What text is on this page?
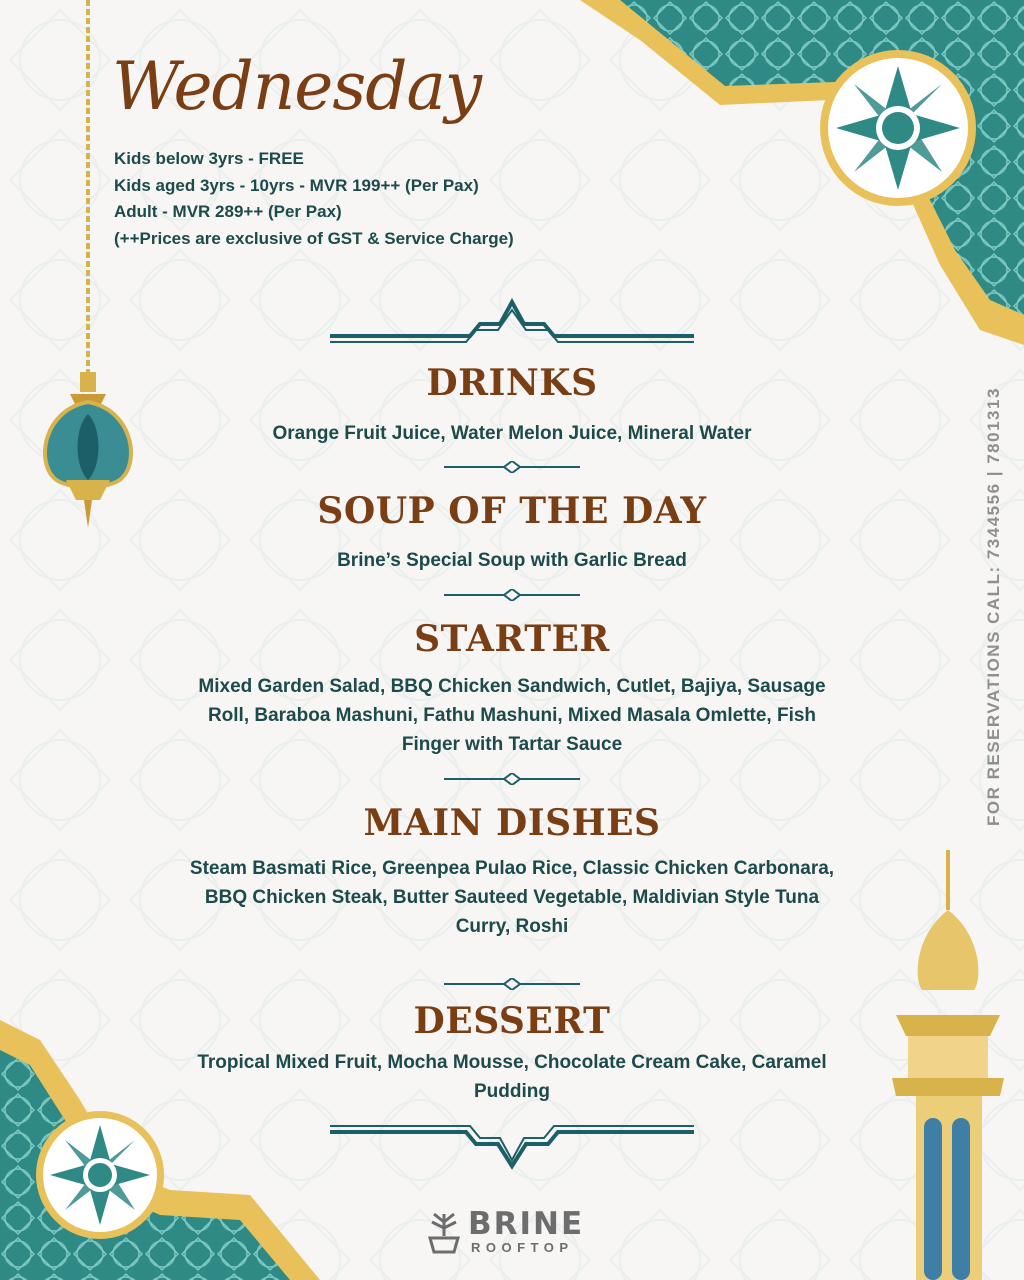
Wednesday
Kids below 3yrs - FREE
Kids aged 3yrs - 10yrs - MVR 199++ (Per Pax)
Adult - MVR 289++ (Per Pax)
(++Prices are exclusive of GST & Service Charge)
FOR RESERVATIONS CALL: 7344556 | 7801313
DRINKS
Orange Fruit Juice, Water Melon Juice, Mineral Water
SOUP OF THE DAY
Brine’s Special Soup with Garlic Bread
STARTER
Mixed Garden Salad, BBQ Chicken Sandwich, Cutlet, Bajiya, Sausage Roll, Baraboa Mashuni, Fathu Mashuni, Mixed Masala Omlette, Fish Finger with Tartar Sauce
MAIN DISHES
Steam Basmati Rice, Greenpea Pulao Rice, Classic Chicken Carbonara, BBQ Chicken Steak, Butter Sauteed Vegetable, Maldivian Style Tuna Curry, Roshi
DESSERT
Tropical Mixed Fruit, Mocha Mousse, Chocolate Cream Cake, Caramel Pudding
BRINE
ROOFTOP
